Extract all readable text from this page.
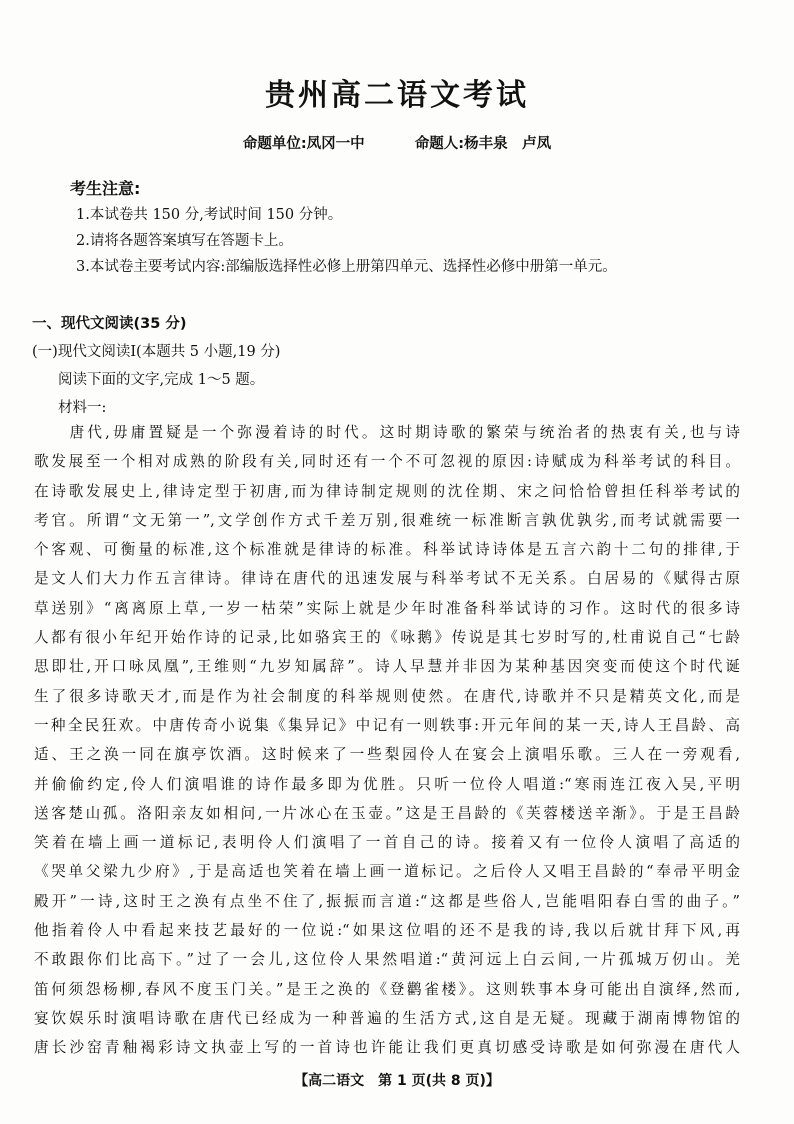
贵州高二语文考试
命题单位:凤冈一中	命题人:杨丰泉　卢凤
考生注意:
1.本试卷共 150 分,考试时间 150 分钟。
2.请将各题答案填写在答题卡上。
3.本试卷主要考试内容:部编版选择性必修上册第四单元、选择性必修中册第一单元。
一、现代文阅读(35 分)
(一)现代文阅读Ⅰ(本题共 5 小题,19 分)
阅读下面的文字,完成 1～5 题。
材料一:
　　唐代,毋庸置疑是一个弥漫着诗的时代。这时期诗歌的繁荣与统治者的热衷有关,也与诗
歌发展至一个相对成熟的阶段有关,同时还有一个不可忽视的原因:诗赋成为科举考试的科目。
在诗歌发展史上,律诗定型于初唐,而为律诗制定规则的沈佺期、宋之问恰恰曾担任科举考试的
考官。所谓“文无第一”,文学创作方式千差万别,很难统一标准断言孰优孰劣,而考试就需要一
个客观、可衡量的标准,这个标准就是律诗的标准。科举试诗诗体是五言六韵十二句的排律,于
是文人们大力作五言律诗。律诗在唐代的迅速发展与科举考试不无关系。白居易的《赋得古原
草送别》“离离原上草,一岁一枯荣”实际上就是少年时准备科举试诗的习作。这时代的很多诗
人都有很小年纪开始作诗的记录,比如骆宾王的《咏鹅》传说是其七岁时写的,杜甫说自己“七龄
思即壮,开口咏凤凰”,王维则“九岁知属辞”。诗人早慧并非因为某种基因突变而使这个时代诞
生了很多诗歌天才,而是作为社会制度的科举规则使然。在唐代,诗歌并不只是精英文化,而是
一种全民狂欢。中唐传奇小说集《集异记》中记有一则轶事:开元年间的某一天,诗人王昌龄、高
适、王之涣一同在旗亭饮酒。这时候来了一些梨园伶人在宴会上演唱乐歌。三人在一旁观看,
并偷偷约定,伶人们演唱谁的诗作最多即为优胜。只听一位伶人唱道:“寒雨连江夜入吴,平明
送客楚山孤。洛阳亲友如相问,一片冰心在玉壶。”这是王昌龄的《芙蓉楼送辛渐》。于是王昌龄
笑着在墙上画一道标记,表明伶人们演唱了一首自己的诗。接着又有一位伶人演唱了高适的
《哭单父梁九少府》,于是高适也笑着在墙上画一道标记。之后伶人又唱王昌龄的“奉帚平明金
殿开”一诗,这时王之涣有点坐不住了,振振而言道:“这都是些俗人,岂能唱阳春白雪的曲子。”
他指着伶人中看起来技艺最好的一位说:“如果这位唱的还不是我的诗,我以后就甘拜下风,再
不敢跟你们比高下。”过了一会儿,这位伶人果然唱道:“黄河远上白云间,一片孤城万仞山。羌
笛何须怨杨柳,春风不度玉门关。”是王之涣的《登鹳雀楼》。这则轶事本身可能出自演绎,然而,
宴饮娱乐时演唱诗歌在唐代已经成为一种普遍的生活方式,这自是无疑。现藏于湖南博物馆的
唐长沙窑青釉褐彩诗文执壶上写的一首诗也许能让我们更真切感受诗歌是如何弥漫在唐代人
【高二语文　第 1 页(共 8 页)】
